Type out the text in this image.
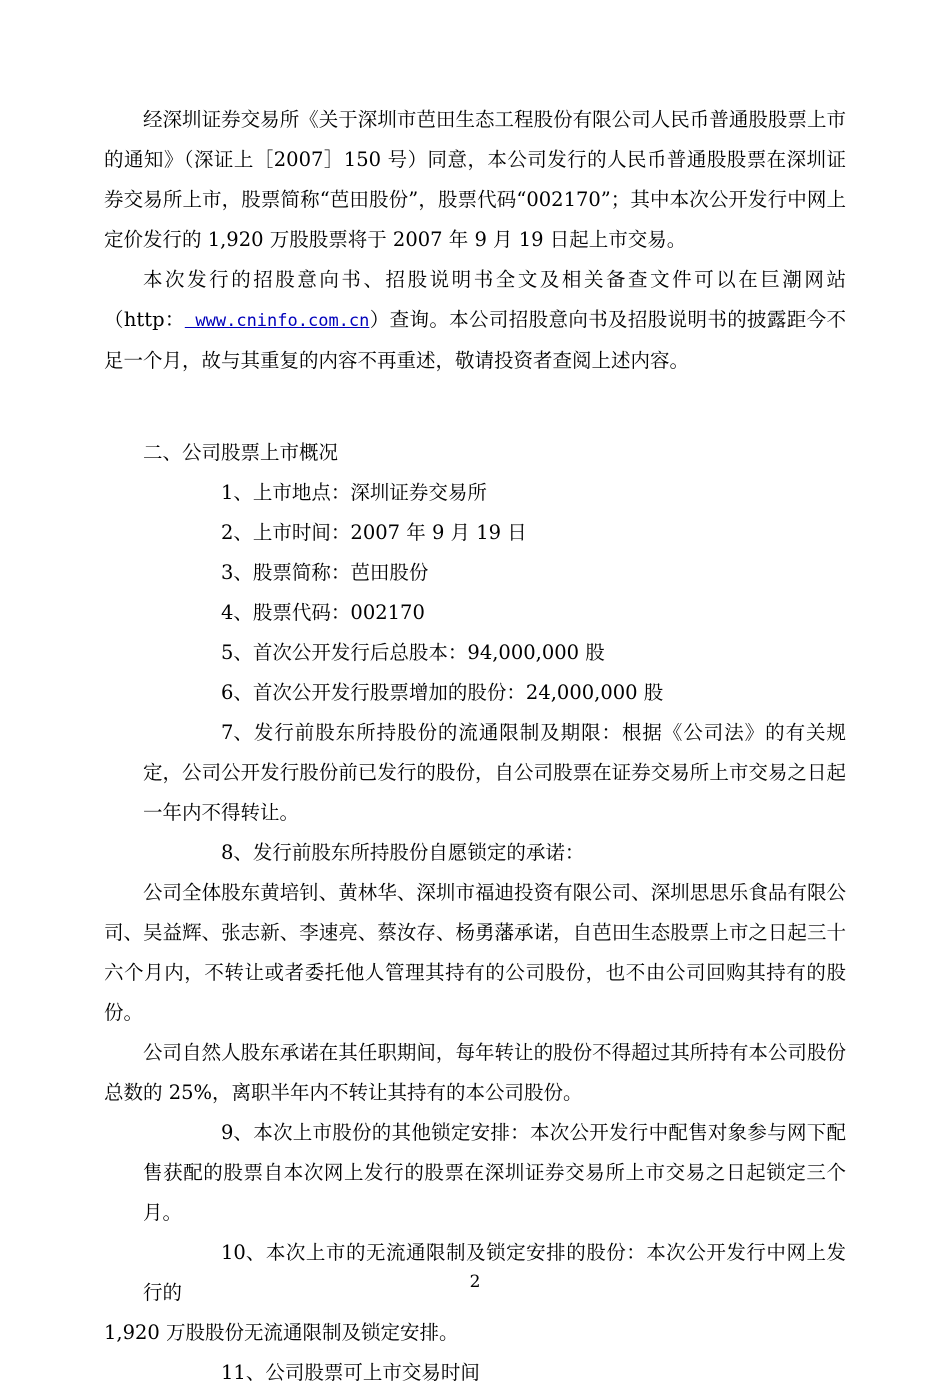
经深圳证券交易所《关于深圳市芭田生态工程股份有限公司人民币普通股股票上市的通知》（深证上［2007］150 号）同意，本公司发行的人民币普通股股票在深圳证券交易所上市，股票简称“芭田股份”，股票代码“002170”；其中本次公开发行中网上定价发行的 1,920 万股股票将于 2007 年 9 月 19 日起上市交易。

本次发行的招股意向书、招股说明书全文及相关备查文件可以在巨潮网站（http： www.cninfo.com.cn）查询。本公司招股意向书及招股说明书的披露距今不足一个月，故与其重复的内容不再重述，敬请投资者查阅上述内容。

二、公司股票上市概况

1、上市地点：深圳证券交易所

2、上市时间：2007 年 9 月 19 日

3、股票简称：芭田股份

4、股票代码：002170

5、首次公开发行后总股本：94,000,000 股

6、首次公开发行股票增加的股份：24,000,000 股

7、发行前股东所持股份的流通限制及期限：根据《公司法》的有关规定，公司公开发行股份前已发行的股份，自公司股票在证券交易所上市交易之日起一年内不得转让。

8、发行前股东所持股份自愿锁定的承诺：

公司全体股东黄培钊、黄林华、深圳市福迪投资有限公司、深圳思思乐食品有限公司、吴益辉、张志新、李速亮、蔡汝存、杨勇藩承诺，自芭田生态股票上市之日起三十六个月内，不转让或者委托他人管理其持有的公司股份，也不由公司回购其持有的股份。

公司自然人股东承诺在其任职期间，每年转让的股份不得超过其所持有本公司股份总数的 25%，离职半年内不转让其持有的本公司股份。

9、本次上市股份的其他锁定安排：本次公开发行中配售对象参与网下配售获配的股票自本次网上发行的股票在深圳证券交易所上市交易之日起锁定三个月。

10、本次上市的无流通限制及锁定安排的股份：本次公开发行中网上发行的

1,920 万股股份无流通限制及锁定安排。

11、公司股票可上市交易时间

2
